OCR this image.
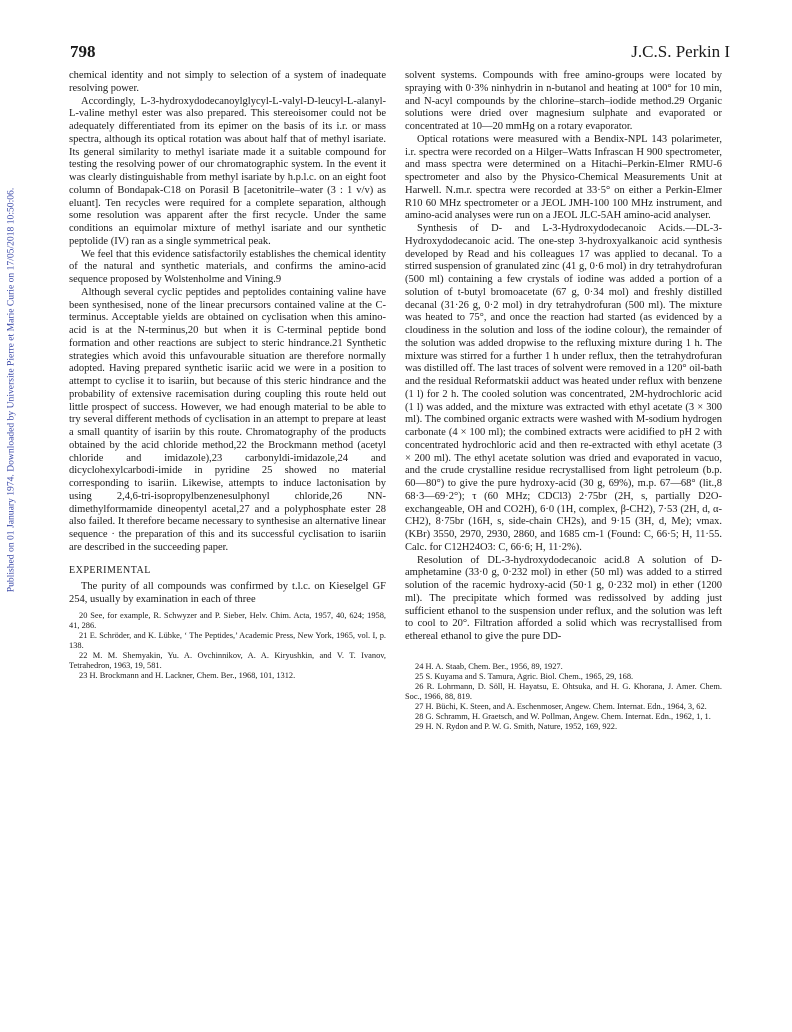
798	J.C.S. Perkin I
Published on 01 January 1974. Downloaded by Universite Pierre et Marie Curie on 17/05/2018 10:50:06.

chemical identity and not simply to selection of a system of inadequate resolving power.

Accordingly, L-3-hydroxydodecanoylglycyl-L-valyl-D-leucyl-L-alanyl-L-valine methyl ester was also prepared. This stereoisomer could not be adequately differentiated from its epimer on the basis of its i.r. or mass spectra, although its optical rotation was about half that of methyl isariate. Its general similarity to methyl isariate made it a suitable compound for testing the resolving power of our chromatographic system. In the event it was clearly distinguishable from methyl isariate by h.p.l.c. on an eight foot column of Bondapak-C18 on Porasil B [acetonitrile–water (3 : 1 v/v) as eluant]. Ten recycles were required for a complete separation, although some resolution was apparent after the first recycle. Under the same conditions an equimolar mixture of methyl isariate and our synthetic peptolide (IV) ran as a single symmetrical peak.

We feel that this evidence satisfactorily establishes the chemical identity of the natural and synthetic materials, and confirms the amino-acid sequence proposed by Wolstenholme and Vining.9

Although several cyclic peptides and peptolides containing valine have been synthesised, none of the linear precursors contained valine at the C-terminus. Acceptable yields are obtained on cyclisation when this amino-acid is at the N-terminus,20 but when it is C-terminal peptide bond formation and other reactions are subject to steric hindrance.21 Synthetic strategies which avoid this unfavourable situation are therefore normally adopted. Having prepared synthetic isariic acid we were in a position to attempt to cyclise it to isariin, but because of this steric hindrance and the probability of extensive racemisation during coupling this route held out little prospect of success. However, we had enough material to be able to try several different methods of cyclisation in an attempt to prepare at least a small quantity of isariin by this route. Chromatography of the products obtained by the acid chloride method,22 the Brockmann method (acetyl chloride and imidazole),23 carbonyldi-imidazole,24 and dicyclohexylcarbodi-imide in pyridine 25 showed no material corresponding to isariin. Likewise, attempts to induce lactonisation by using 2,4,6-tri-isopropylbenzenesulphonyl chloride,26 NN-dimethylformamide dineopentyl acetal,27 and a polyphosphate ester 28 also failed. It therefore became necessary to synthesise an alternative linear sequence · the preparation of this and its successful cyclisation to isariin are described in the succeeding paper.

EXPERIMENTAL

The purity of all compounds was confirmed by t.l.c. on Kieselgel GF 254, usually by examination in each of three

20 See, for example, R. Schwyzer and P. Sieber, Helv. Chim. Acta, 1957, 40, 624; 1958, 41, 286.

21 E. Schröder, and K. Lübke, ‘ The Peptides,’ Academic Press, New York, 1965, vol. I, p. 138.

22 M. M. Shemyakin, Yu. A. Ovchinnikov, A. A. Kiryushkin, and V. T. Ivanov, Tetrahedron, 1963, 19, 581.

23 H. Brockmann and H. Lackner, Chem. Ber., 1968, 101, 1312.

solvent systems. Compounds with free amino-groups were located by spraying with 0·3% ninhydrin in n-butanol and heating at 100° for 10 min, and N-acyl compounds by the chlorine–starch–iodide method.29 Organic solutions were dried over magnesium sulphate and evaporated or concentrated at 10—20 mmHg on a rotary evaporator.

Optical rotations were measured with a Bendix-NPL 143 polarimeter, i.r. spectra were recorded on a Hilger–Watts Infrascan H 900 spectrometer, and mass spectra were determined on a Hitachi–Perkin-Elmer RMU-6 spectrometer and also by the Physico-Chemical Measurements Unit at Harwell. N.m.r. spectra were recorded at 33·5° on either a Perkin-Elmer R10 60 MHz spectrometer or a JEOL JMH-100 100 MHz instrument, and amino-acid analyses were run on a JEOL JLC-5AH amino-acid analyser.

Synthesis of D- and L-3-Hydroxydodecanoic Acids.—DL-3-Hydroxydodecanoic acid. The one-step 3-hydroxyalkanoic acid synthesis developed by Read and his colleagues 17 was applied to decanal. To a stirred suspension of granulated zinc (41 g, 0·6 mol) in dry tetrahydrofuran (500 ml) containing a few crystals of iodine was added a portion of a solution of t-butyl bromoacetate (67 g, 0·34 mol) and freshly distilled decanal (31·26 g, 0·2 mol) in dry tetrahydrofuran (500 ml). The mixture was heated to 75°, and once the reaction had started (as evidenced by a cloudiness in the solution and loss of the iodine colour), the remainder of the solution was added dropwise to the refluxing mixture during 1 h. The mixture was stirred for a further 1 h under reflux, then the tetrahydrofuran was distilled off. The last traces of solvent were removed in a 120° oil-bath and the residual Reformatskii adduct was heated under reflux with benzene (1 l) for 2 h. The cooled solution was concentrated, 2M-hydrochloric acid (1 l) was added, and the mixture was extracted with ethyl acetate (3 × 300 ml). The combined organic extracts were washed with M-sodium hydrogen carbonate (4 × 100 ml); the combined extracts were acidified to pH 2 with concentrated hydrochloric acid and then re-extracted with ethyl acetate (3 × 200 ml). The ethyl acetate solution was dried and evaporated in vacuo, and the crude crystalline residue recrystallised from light petroleum (b.p. 60—80°) to give the pure hydroxy-acid (30 g, 69%), m.p. 67—68° (lit.,8 68·3—69·2°); τ (60 MHz; CDCl3) 2·75br (2H, s, partially D2O-exchangeable, OH and CO2H), 6·0 (1H, complex, β-CH2), 7·53 (2H, d, α-CH2), 8·75br (16H, s, side-chain CH2s), and 9·15 (3H, d, Me); νmax. (KBr) 3550, 2970, 2930, 2860, and 1685 cm-1 (Found: C, 66·5; H, 11·55. Calc. for C12H24O3: C, 66·6; H, 11·2%).

Resolution of DL-3-hydroxydodecanoic acid.8 A solution of D-amphetamine (33·0 g, 0·232 mol) in ether (50 ml) was added to a stirred solution of the racemic hydroxy-acid (50·1 g, 0·232 mol) in ether (1200 ml). The precipitate which formed was redissolved by adding just sufficient ethanol to the suspension under reflux, and the solution was left to cool to 20°. Filtration afforded a solid which was recrystallised from ethereal ethanol to give the pure DD-

24 H. A. Staab, Chem. Ber., 1956, 89, 1927.

25 S. Kuyama and S. Tamura, Agric. Biol. Chem., 1965, 29, 168.

26 R. Lohrmann, D. Söll, H. Hayatsu, E. Ohtsuka, and H. G. Khorana, J. Amer. Chem. Soc., 1966, 88, 819.

27 H. Büchi, K. Steen, and A. Eschenmoser, Angew. Chem. Internat. Edn., 1964, 3, 62.

28 G. Schramm, H. Graetsch, and W. Pollman, Angew. Chem. Internat. Edn., 1962, 1, 1.

29 H. N. Rydon and P. W. G. Smith, Nature, 1952, 169, 922.
